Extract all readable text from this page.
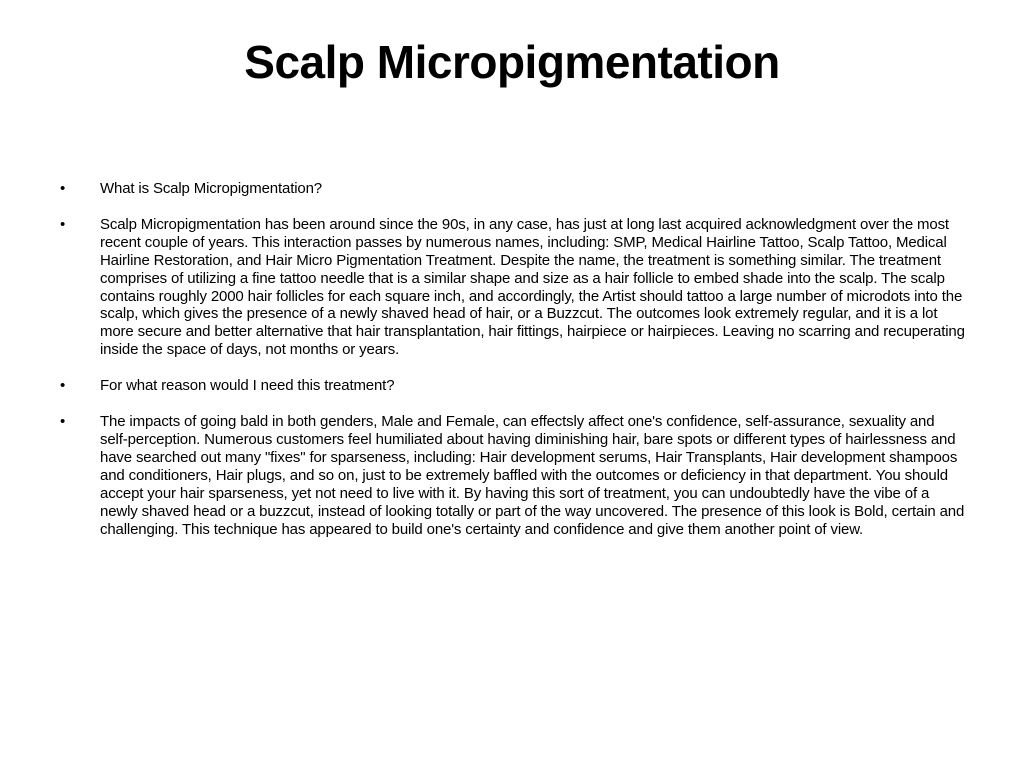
Scalp Micropigmentation
•	What is Scalp Micropigmentation?
•	Scalp Micropigmentation has been around since the 90s, in any case, has just at long last acquired acknowledgment over the most recent couple of years. This interaction passes by numerous names, including: SMP, Medical Hairline Tattoo, Scalp Tattoo, Medical Hairline Restoration, and Hair Micro Pigmentation Treatment. Despite the name, the treatment is something similar. The treatment comprises of utilizing a fine tattoo needle that is a similar shape and size as a hair follicle to embed shade into the scalp. The scalp contains roughly 2000 hair follicles for each square inch, and accordingly, the Artist should tattoo a large number of microdots into the scalp, which gives the presence of a newly shaved head of hair, or a Buzzcut. The outcomes look extremely regular, and it is a lot more secure and better alternative that hair transplantation, hair fittings, hairpiece or hairpieces. Leaving no scarring and recuperating inside the space of days, not months or years.
•	For what reason would I need this treatment?
•	The impacts of going bald in both genders, Male and Female, can effectsly affect one's confidence, self-assurance, sexuality and self-perception. Numerous customers feel humiliated about having diminishing hair, bare spots or different types of hairlessness and have searched out many "fixes" for sparseness, including: Hair development serums, Hair Transplants, Hair development shampoos and conditioners, Hair plugs, and so on, just to be extremely baffled with the outcomes or deficiency in that department. You should accept your hair sparseness, yet not need to live with it. By having this sort of treatment, you can undoubtedly have the vibe of a newly shaved head or a buzzcut, instead of looking totally or part of the way uncovered. The presence of this look is Bold, certain and challenging. This technique has appeared to build one's certainty and confidence and give them another point of view.
